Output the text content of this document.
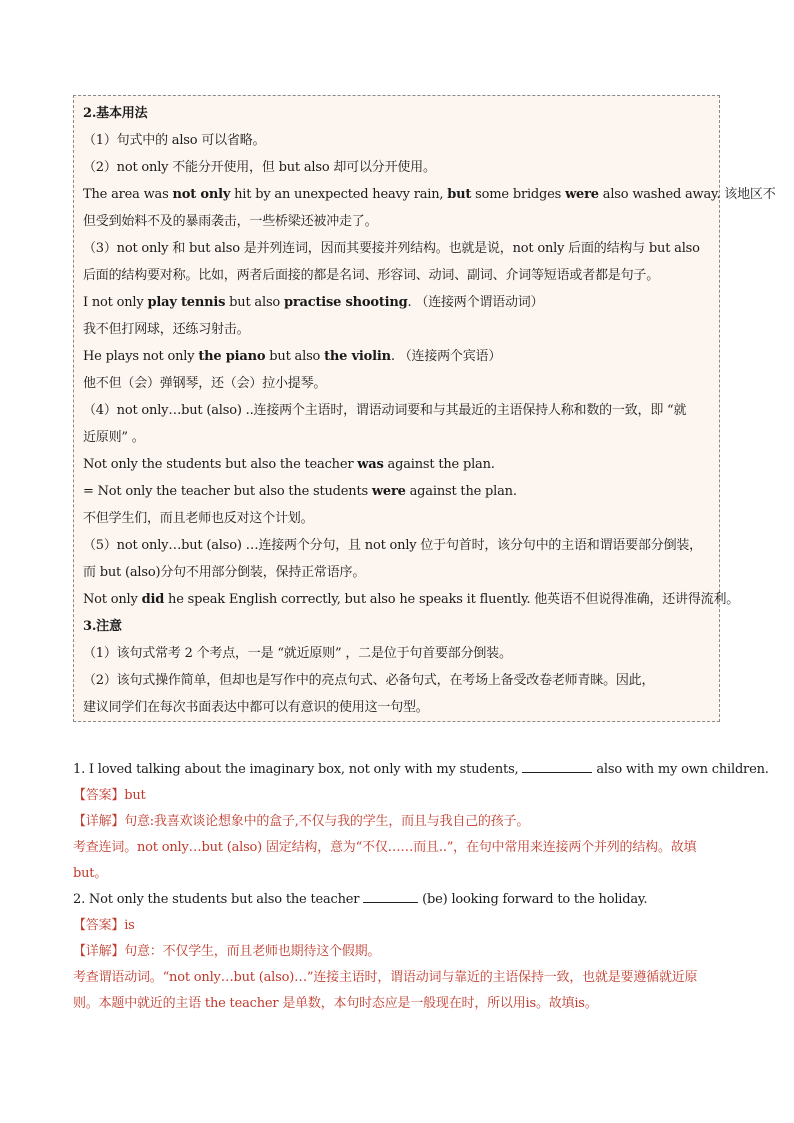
2.基本用法
（1）句式中的 also 可以省略。
（2）not only 不能分开使用，但 but also 却可以分开使用。
The area was not only hit by an unexpected heavy rain, but some bridges were also washed away. 该地区不
但受到始料不及的暴雨袭击，一些桥梁还被冲走了。
（3）not only 和 but also 是并列连词，因而其要接并列结构。也就是说，not only 后面的结构与 but also
后面的结构要对称。比如，两者后面接的都是名词、形容词、动词、副词、介词等短语或者都是句子。
I not only play tennis but also practise shooting. （连接两个谓语动词）
我不但打网球，还练习射击。
He plays not only the piano but also the violin. （连接两个宾语）
他不但（会）弹钢琴，还（会）拉小提琴。
（4）not only…but (also) ..连接两个主语时，谓语动词要和与其最近的主语保持人称和数的一致，即 “就
近原则” 。
Not only the students but also the teacher was against the plan.
= Not only the teacher but also the students were against the plan.
不但学生们，而且老师也反对这个计划。
（5）not only…but (also) …连接两个分句，且 not only 位于句首时，该分句中的主语和谓语要部分倒装，
而 but (also)分句不用部分倒装，保持正常语序。
Not only did he speak English correctly, but also he speaks it fluently. 他英语不但说得准确，还讲得流利。
3.注意
（1）该句式常考 2 个考点，一是 “就近原则” ，二是位于句首要部分倒装。
（2）该句式操作简单，但却也是写作中的亮点句式、必备句式，在考场上备受改卷老师青睐。因此，
建议同学们在每次书面表达中都可以有意识的使用这一句型。
1. I loved talking about the imaginary box, not only with my students,	also with my own children.
【答案】but
【详解】句意:我喜欢谈论想象中的盒子,不仅与我的学生，而且与我自己的孩子。
考查连词。not only…but (also) 固定结构，意为“不仅……而且..”，在句中常用来连接两个并列的结构。故填
but。
2. Not only the students but also the teacher	(be) looking forward to the holiday.
【答案】is
【详解】句意：不仅学生，而且老师也期待这个假期。
考查谓语动词。“not only…but (also)…”连接主语时，谓语动词与靠近的主语保持一致，也就是要遵循就近原
则。本题中就近的主语 the teacher 是单数，本句时态应是一般现在时，所以用is。故填is。
